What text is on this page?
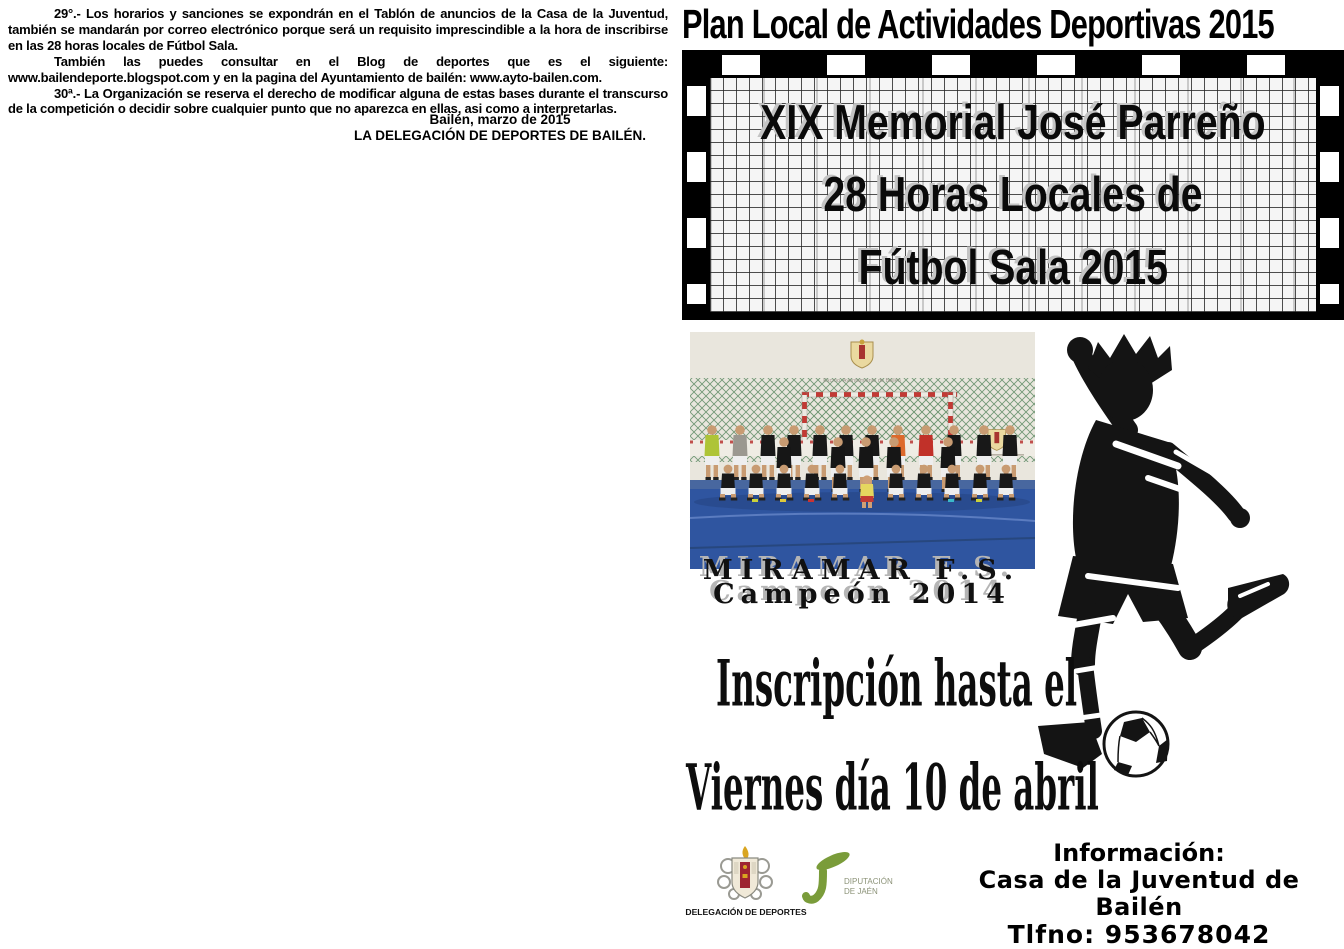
29°.- Los horarios y sanciones se expondrán en el Tablón de anuncios de la Casa de la Juventud, también se mandarán por correo electrónico porque será un requisito imprescindible a la hora de inscribirse en las 28 horas locales de Fútbol Sala.

También las puedes consultar en el Blog de deportes que es el siguiente: www.bailendeporte.blogspot.com y en la pagina del Ayuntamiento de bailén: www.ayto-bailen.com.

30ª.- La Organización se reserva el derecho de modificar alguna de estas bases durante el transcurso de la competición o decidir sobre cualquier punto que no aparezca en ellas, asi como a interpretarlas.

Bailén, marzo de 2015
LA DELEGACIÓN DE DEPORTES DE BAILÉN.
Plan Local de Actividades Deportivas 2015
XIX Memorial José Parreño
28 Horas Locales de
Fútbol Sala 2015
Excmo. Ayuntamiento de Bailén
MIRAMAR F.S.
Campeón 2014
Inscripción hasta el
Viernes día 10 de abril
DELEGACIÓN DE DEPORTES
DIPUTACIÓN
DE JAÉN
Información:
Casa de la Juventud de Bailén
Tlfno: 953678042
